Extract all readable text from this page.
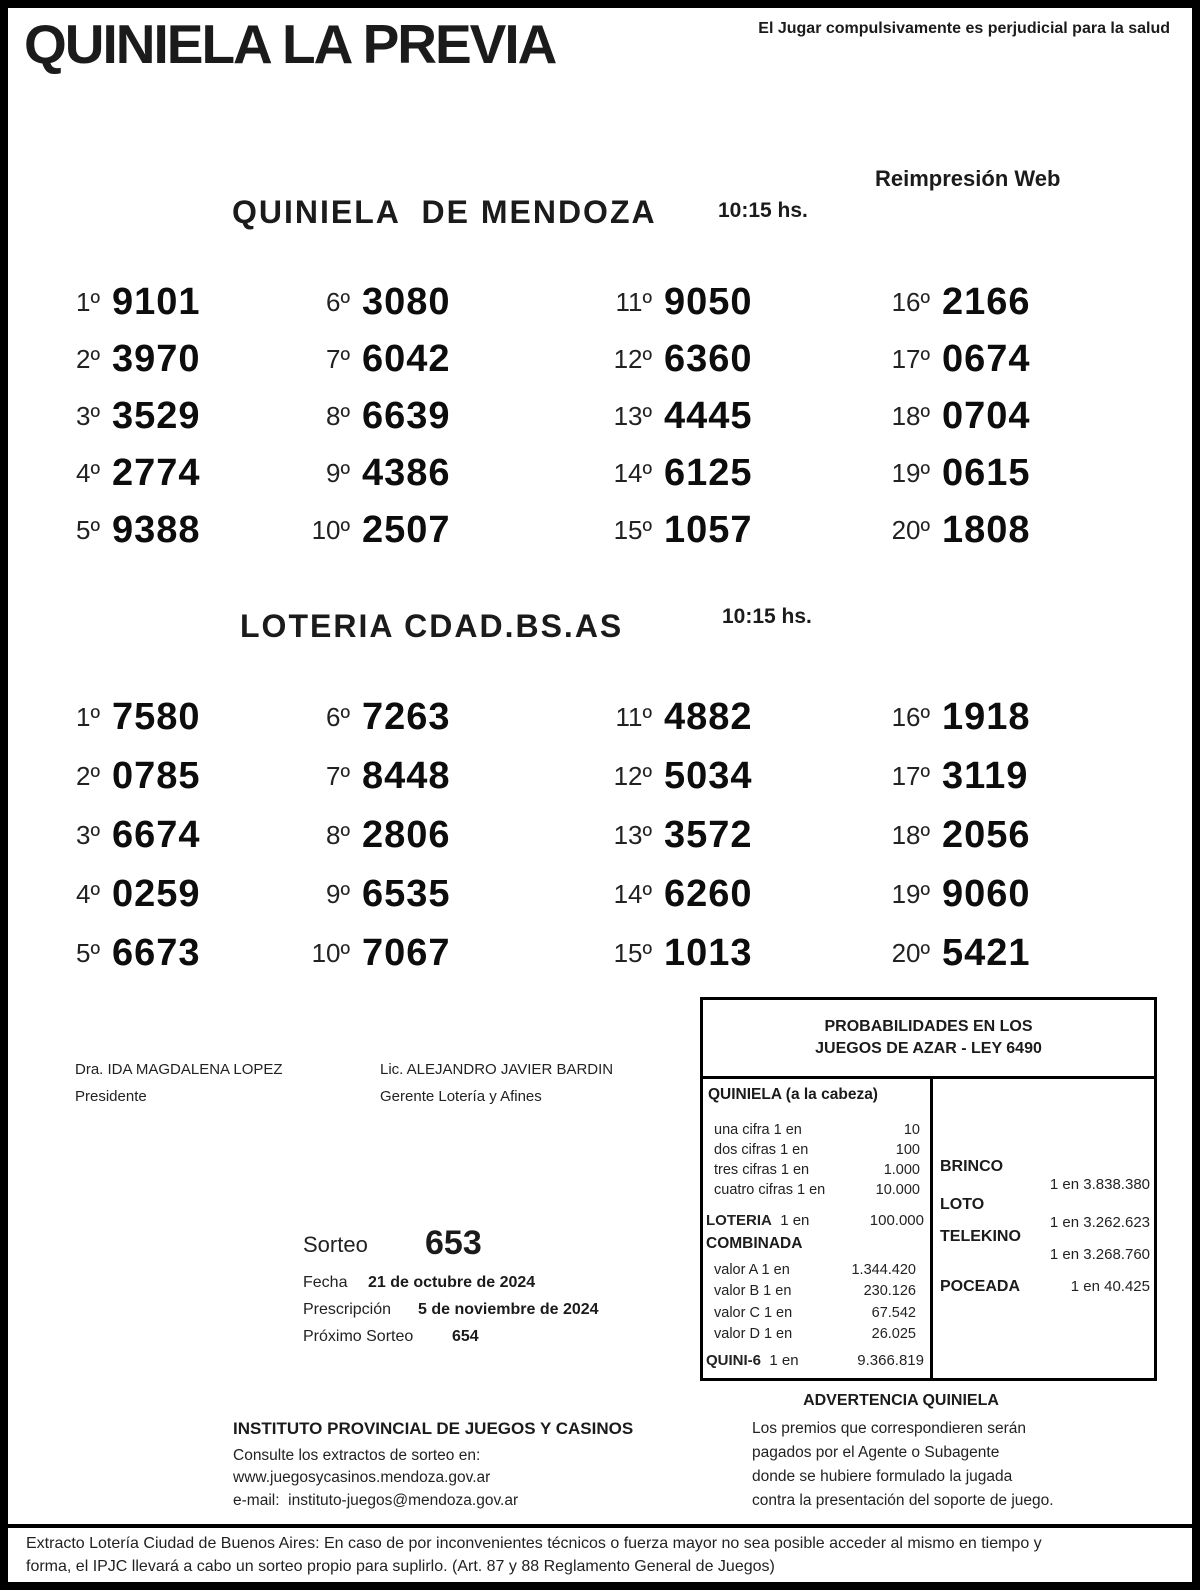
QUINIELA LA PREVIA	El Jugar compulsivamente es perjudicial para la salud
Reimpresión Web
QUINIELA  DE MENDOZA	10:15 hs.
1º 9101
2º 3970
3º 3529
4º 2774
5º 9388
6º 3080
7º 6042
8º 6639
9º 4386
10º 2507
11º 9050
12º 6360
13º 4445
14º 6125
15º 1057
16º 2166
17º 0674
18º 0704
19º 0615
20º 1808
LOTERIA CDAD.BS.AS	10:15 hs.
1º 7580
2º 0785
3º 6674
4º 0259
5º 6673
6º 7263
7º 8448
8º 2806
9º 6535
10º 7067
11º 4882
12º 5034
13º 3572
14º 6260
15º 1013
16º 1918
17º 3119
18º 2056
19º 9060
20º 5421
Dra. IDA MAGDALENA LOPEZ
Presidente
Lic. ALEJANDRO JAVIER BARDIN
Gerente Lotería y Afines
Sorteo 653
Fecha 21 de octubre de 2024
Prescripción 5 de noviembre de 2024
Próximo Sorteo 654
PROBABILIDADES EN LOS
JUEGOS DE AZAR - LEY 6490
QUINIELA (a la cabeza)
una cifra 1 en	10
dos cifras 1 en	100
tres cifras 1 en	1.000
cuatro cifras 1 en	10.000
LOTERIA 1 en	100.000
COMBINADA
valor A 1 en	1.344.420
valor B 1 en	230.126
valor C 1 en	67.542
valor D 1 en	26.025
QUINI-6 1 en	9.366.819
BRINCO
1 en 3.838.380
LOTO
1 en 3.262.623
TELEKINO
1 en 3.268.760
POCEADA	1 en 40.425
ADVERTENCIA QUINIELA
Los premios que correspondieren serán
pagados por el Agente o Subagente
donde se hubiere formulado la jugada
contra la presentación del soporte de juego.
INSTITUTO PROVINCIAL DE JUEGOS Y CASINOS
Consulte los extractos de sorteo en:
www.juegosycasinos.mendoza.gov.ar
e-mail: instituto-juegos@mendoza.gov.ar
Extracto Lotería Ciudad de Buenos Aires: En caso de por inconvenientes técnicos o fuerza mayor no sea posible acceder al mismo en tiempo y
forma, el IPJC llevará a cabo un sorteo propio para suplirlo. (Art. 87 y 88 Reglamento General de Juegos)
